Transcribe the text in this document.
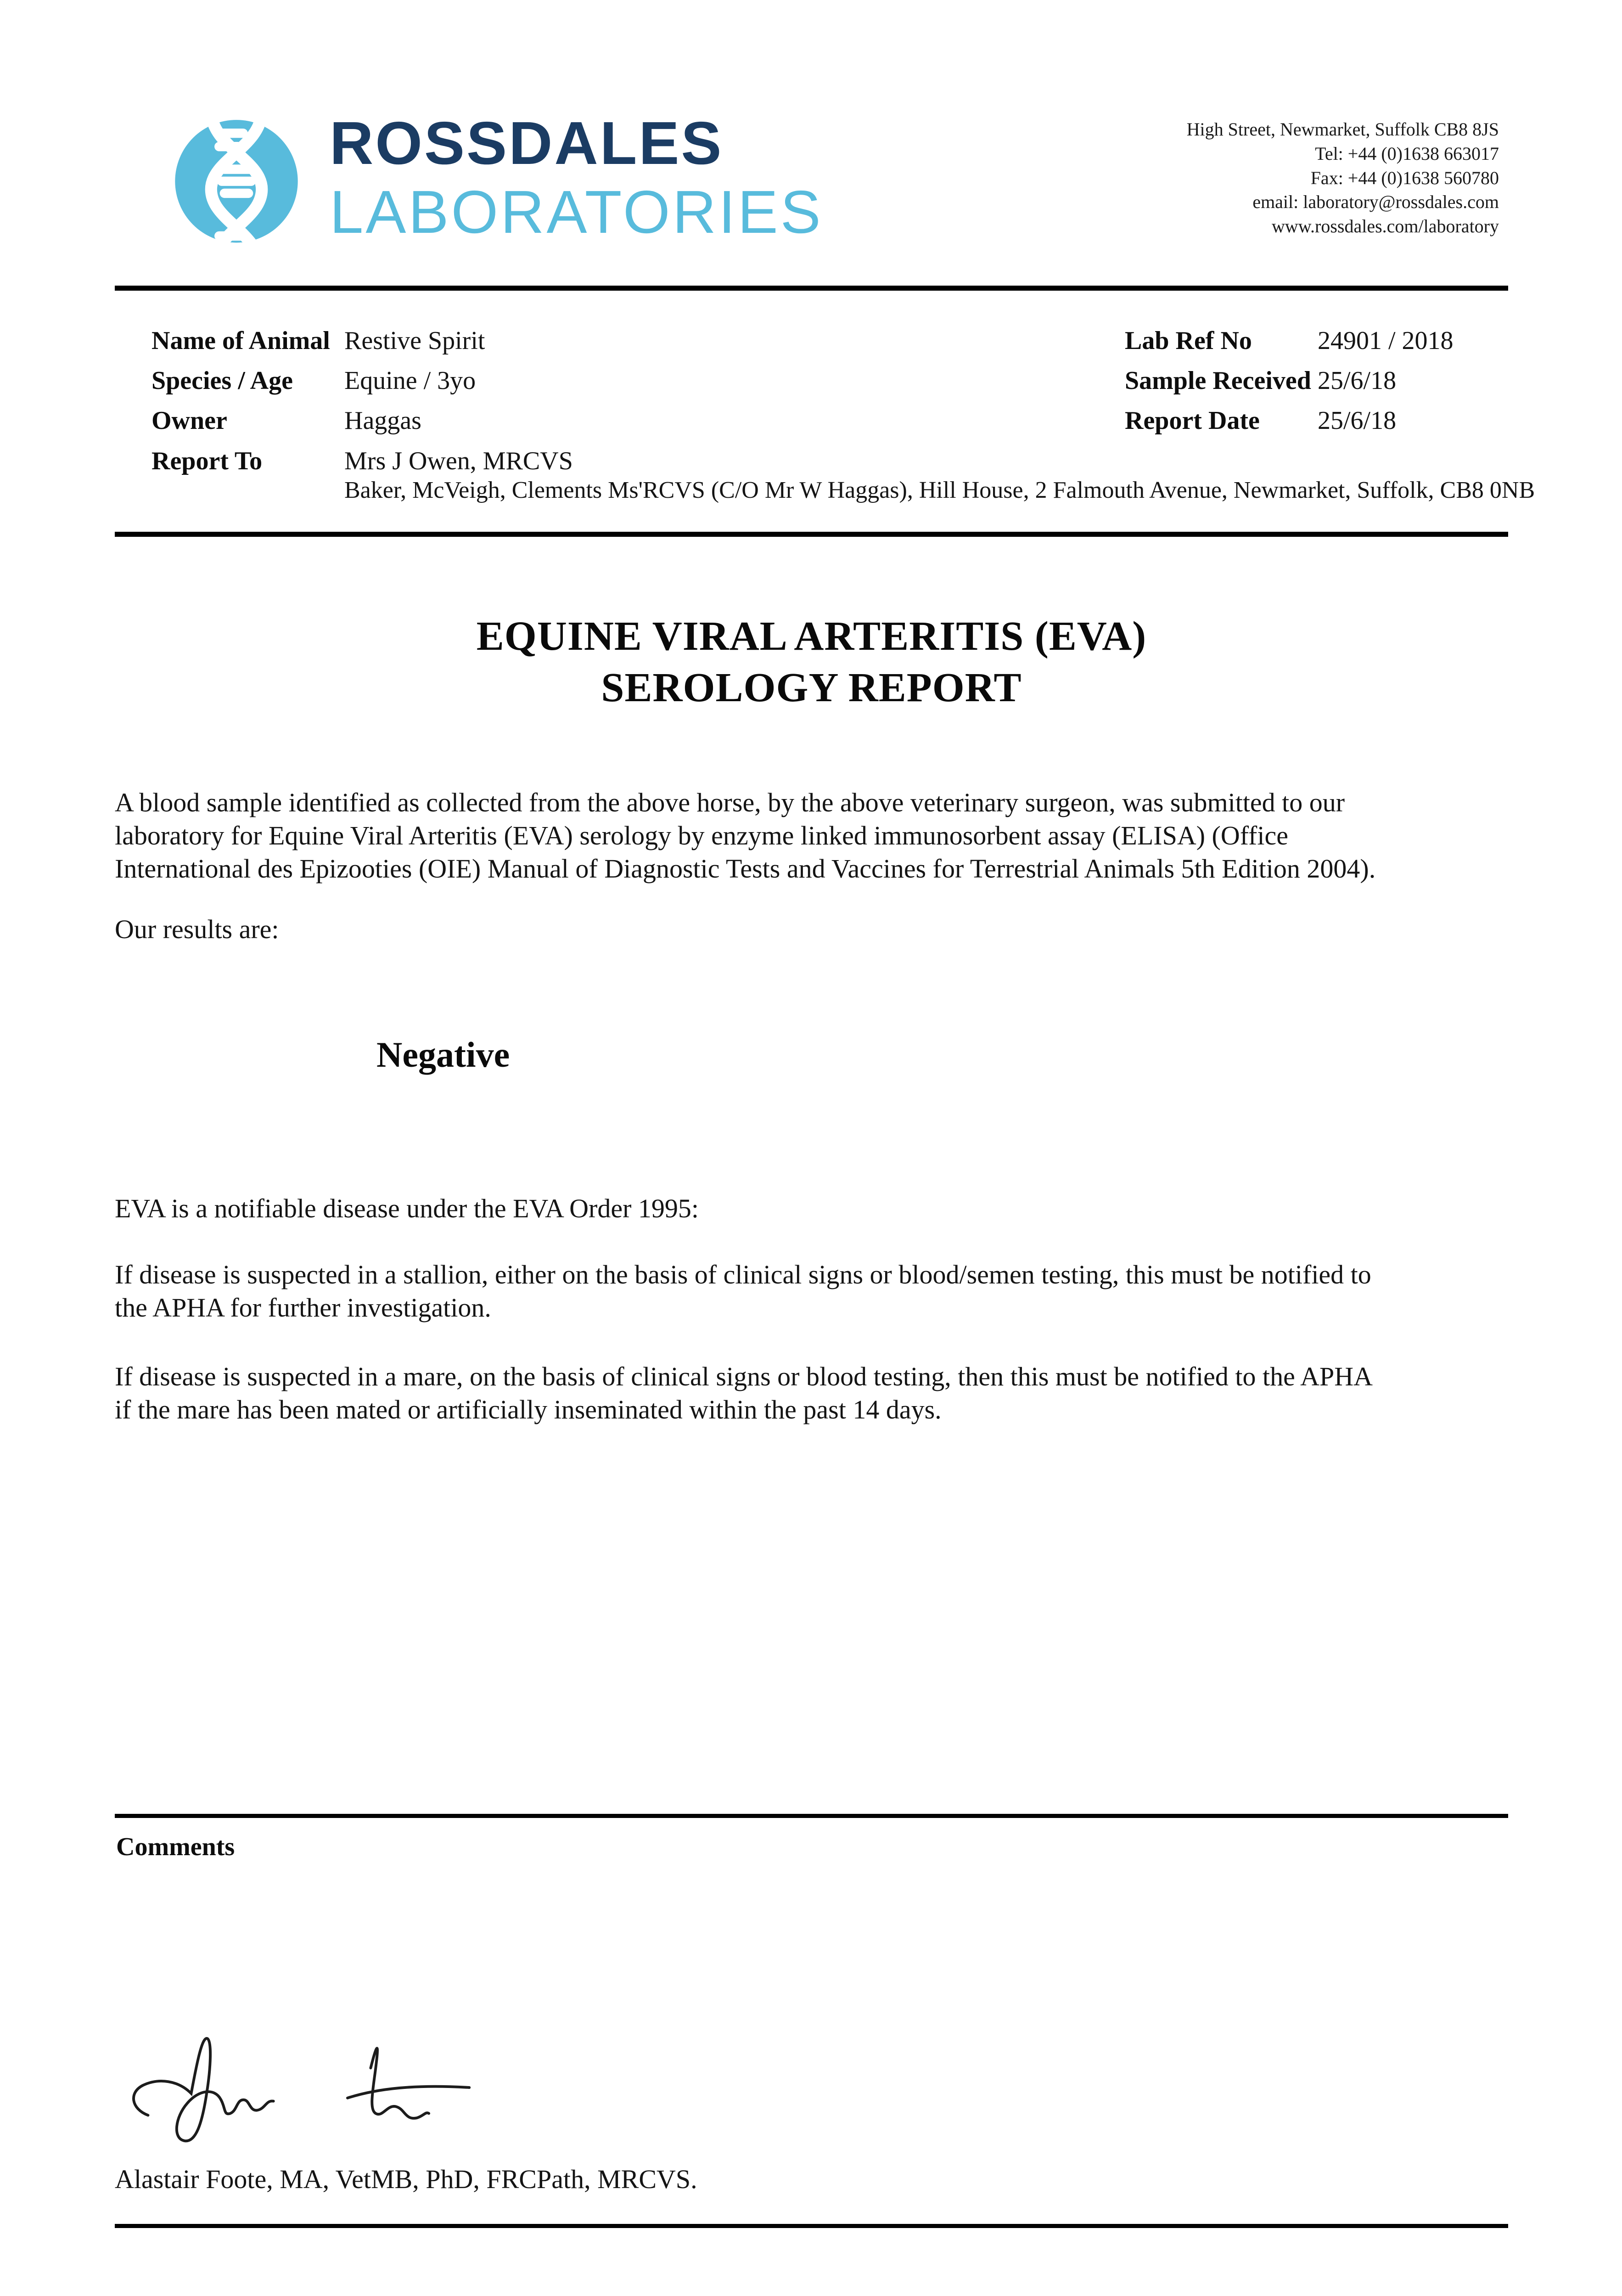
ROSSDALES
LABORATORIES
High Street, Newmarket, Suffolk CB8 8JS
Tel: +44 (0)1638 663017
Fax: +44 (0)1638 560780
email: laboratory@rossdales.com
www.rossdales.com/laboratory
Name of Animal Restive Spirit
Species / Age Equine / 3yo
Owner	Haggas
Report To	Mrs J Owen, MRCVS
Baker, McVeigh, Clements Ms'RCVS (C/O Mr W Haggas), Hill House, 2 Falmouth Avenue, Newmarket, Suffolk, CB8 0NB
Lab Ref No	24901 / 2018
Sample Received 25/6/18
Report Date 25/6/18
EQUINE VIRAL ARTERITIS (EVA)
SEROLOGY REPORT
A blood sample identified as collected from the above horse, by the above veterinary surgeon, was submitted to our
laboratory for Equine Viral Arteritis (EVA) serology by enzyme linked immunosorbent assay (ELISA) (Office
International des Epizooties (OIE) Manual of Diagnostic Tests and Vaccines for Terrestrial Animals 5th Edition 2004).
Our results are:
Negative
EVA is a notifiable disease under the EVA Order 1995:
If disease is suspected in a stallion, either on the basis of clinical signs or blood/semen testing, this must be notified to
the APHA for further investigation.
If disease is suspected in a mare, on the basis of clinical signs or blood testing, then this must be notified to the APHA
if the mare has been mated or artificially inseminated within the past 14 days.
Comments
Alastair Foote, MA, VetMB, PhD, FRCPath, MRCVS.
